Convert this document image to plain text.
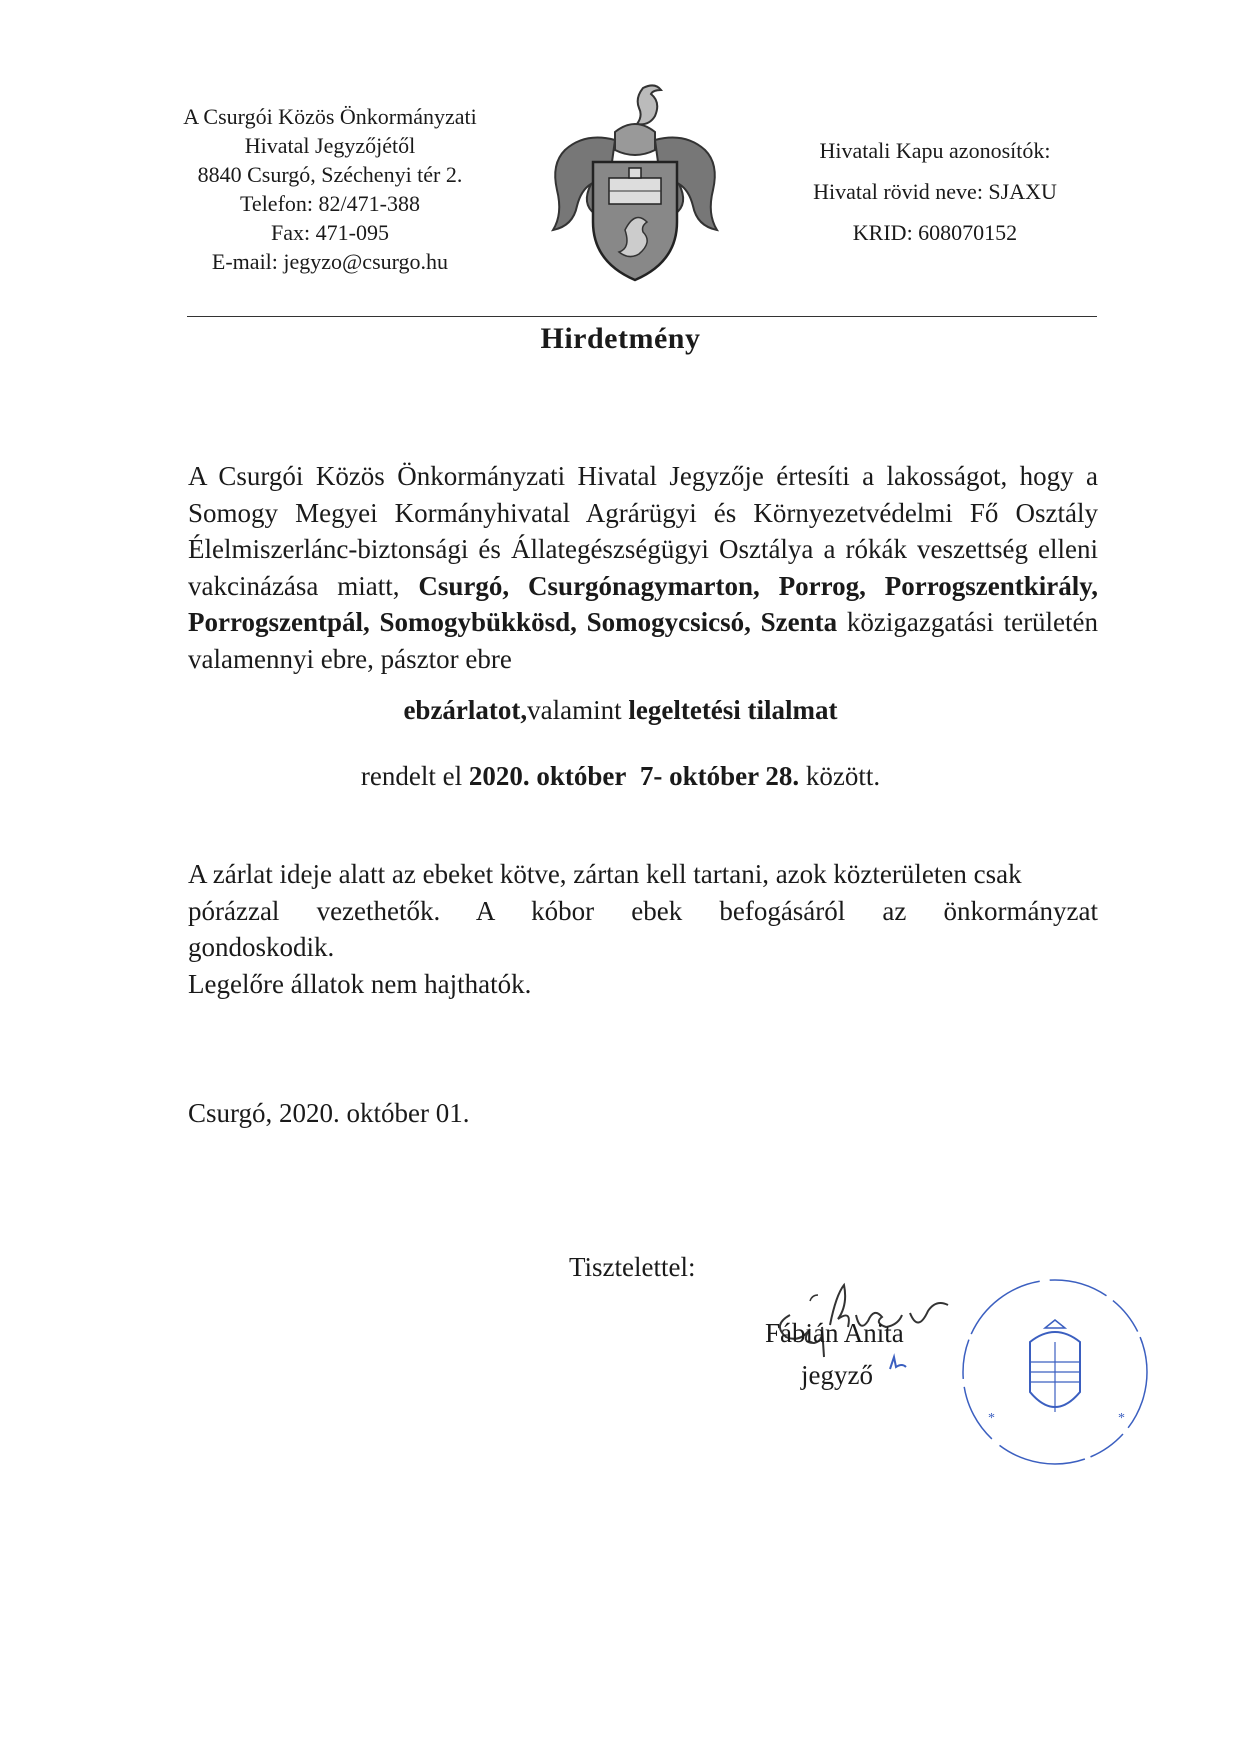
A Csurgói Közös Önkormányzati
Hivatal Jegyzőjétől
8840 Csurgó, Széchenyi tér 2.
Telefon: 82/471-388
Fax: 471-095
E-mail: jegyzo@csurgo.hu
Hivatali Kapu azonosítók:
Hivatal rövid neve: SJAXU
KRID: 608070152
Hirdetmény
A Csurgói Közös Önkormányzati Hivatal Jegyzője értesíti a lakosságot, hogy a Somogy Megyei Kormányhivatal Agrárügyi és Környezetvédelmi Fő Osztály Élelmiszerlánc-biztonsági és Állategészségügyi Osztálya a rókák veszettség elleni vakcinázása miatt, Csurgó, Csurgónagymarton, Porrog, Porrogszentkirály, Porrogszentpál, Somogybükkösd, Somogycsicsó, Szenta közigazgatási területén valamennyi ebre, pásztor ebre
ebzárlatot,valamint legeltetési tilalmat
rendelt el 2020. október 7- október 28. között.
A zárlat ideje alatt az ebeket kötve, zártan kell tartani, azok közterületen csak
pórázzal vezethetők. A kóbor ebek befogásáról az önkormányzat
gondoskodik.
Legelőre állatok nem hajthatók.
Csurgó, 2020. október 01.
Tisztelettel:
Fábián Anita
jegyző
*	*
